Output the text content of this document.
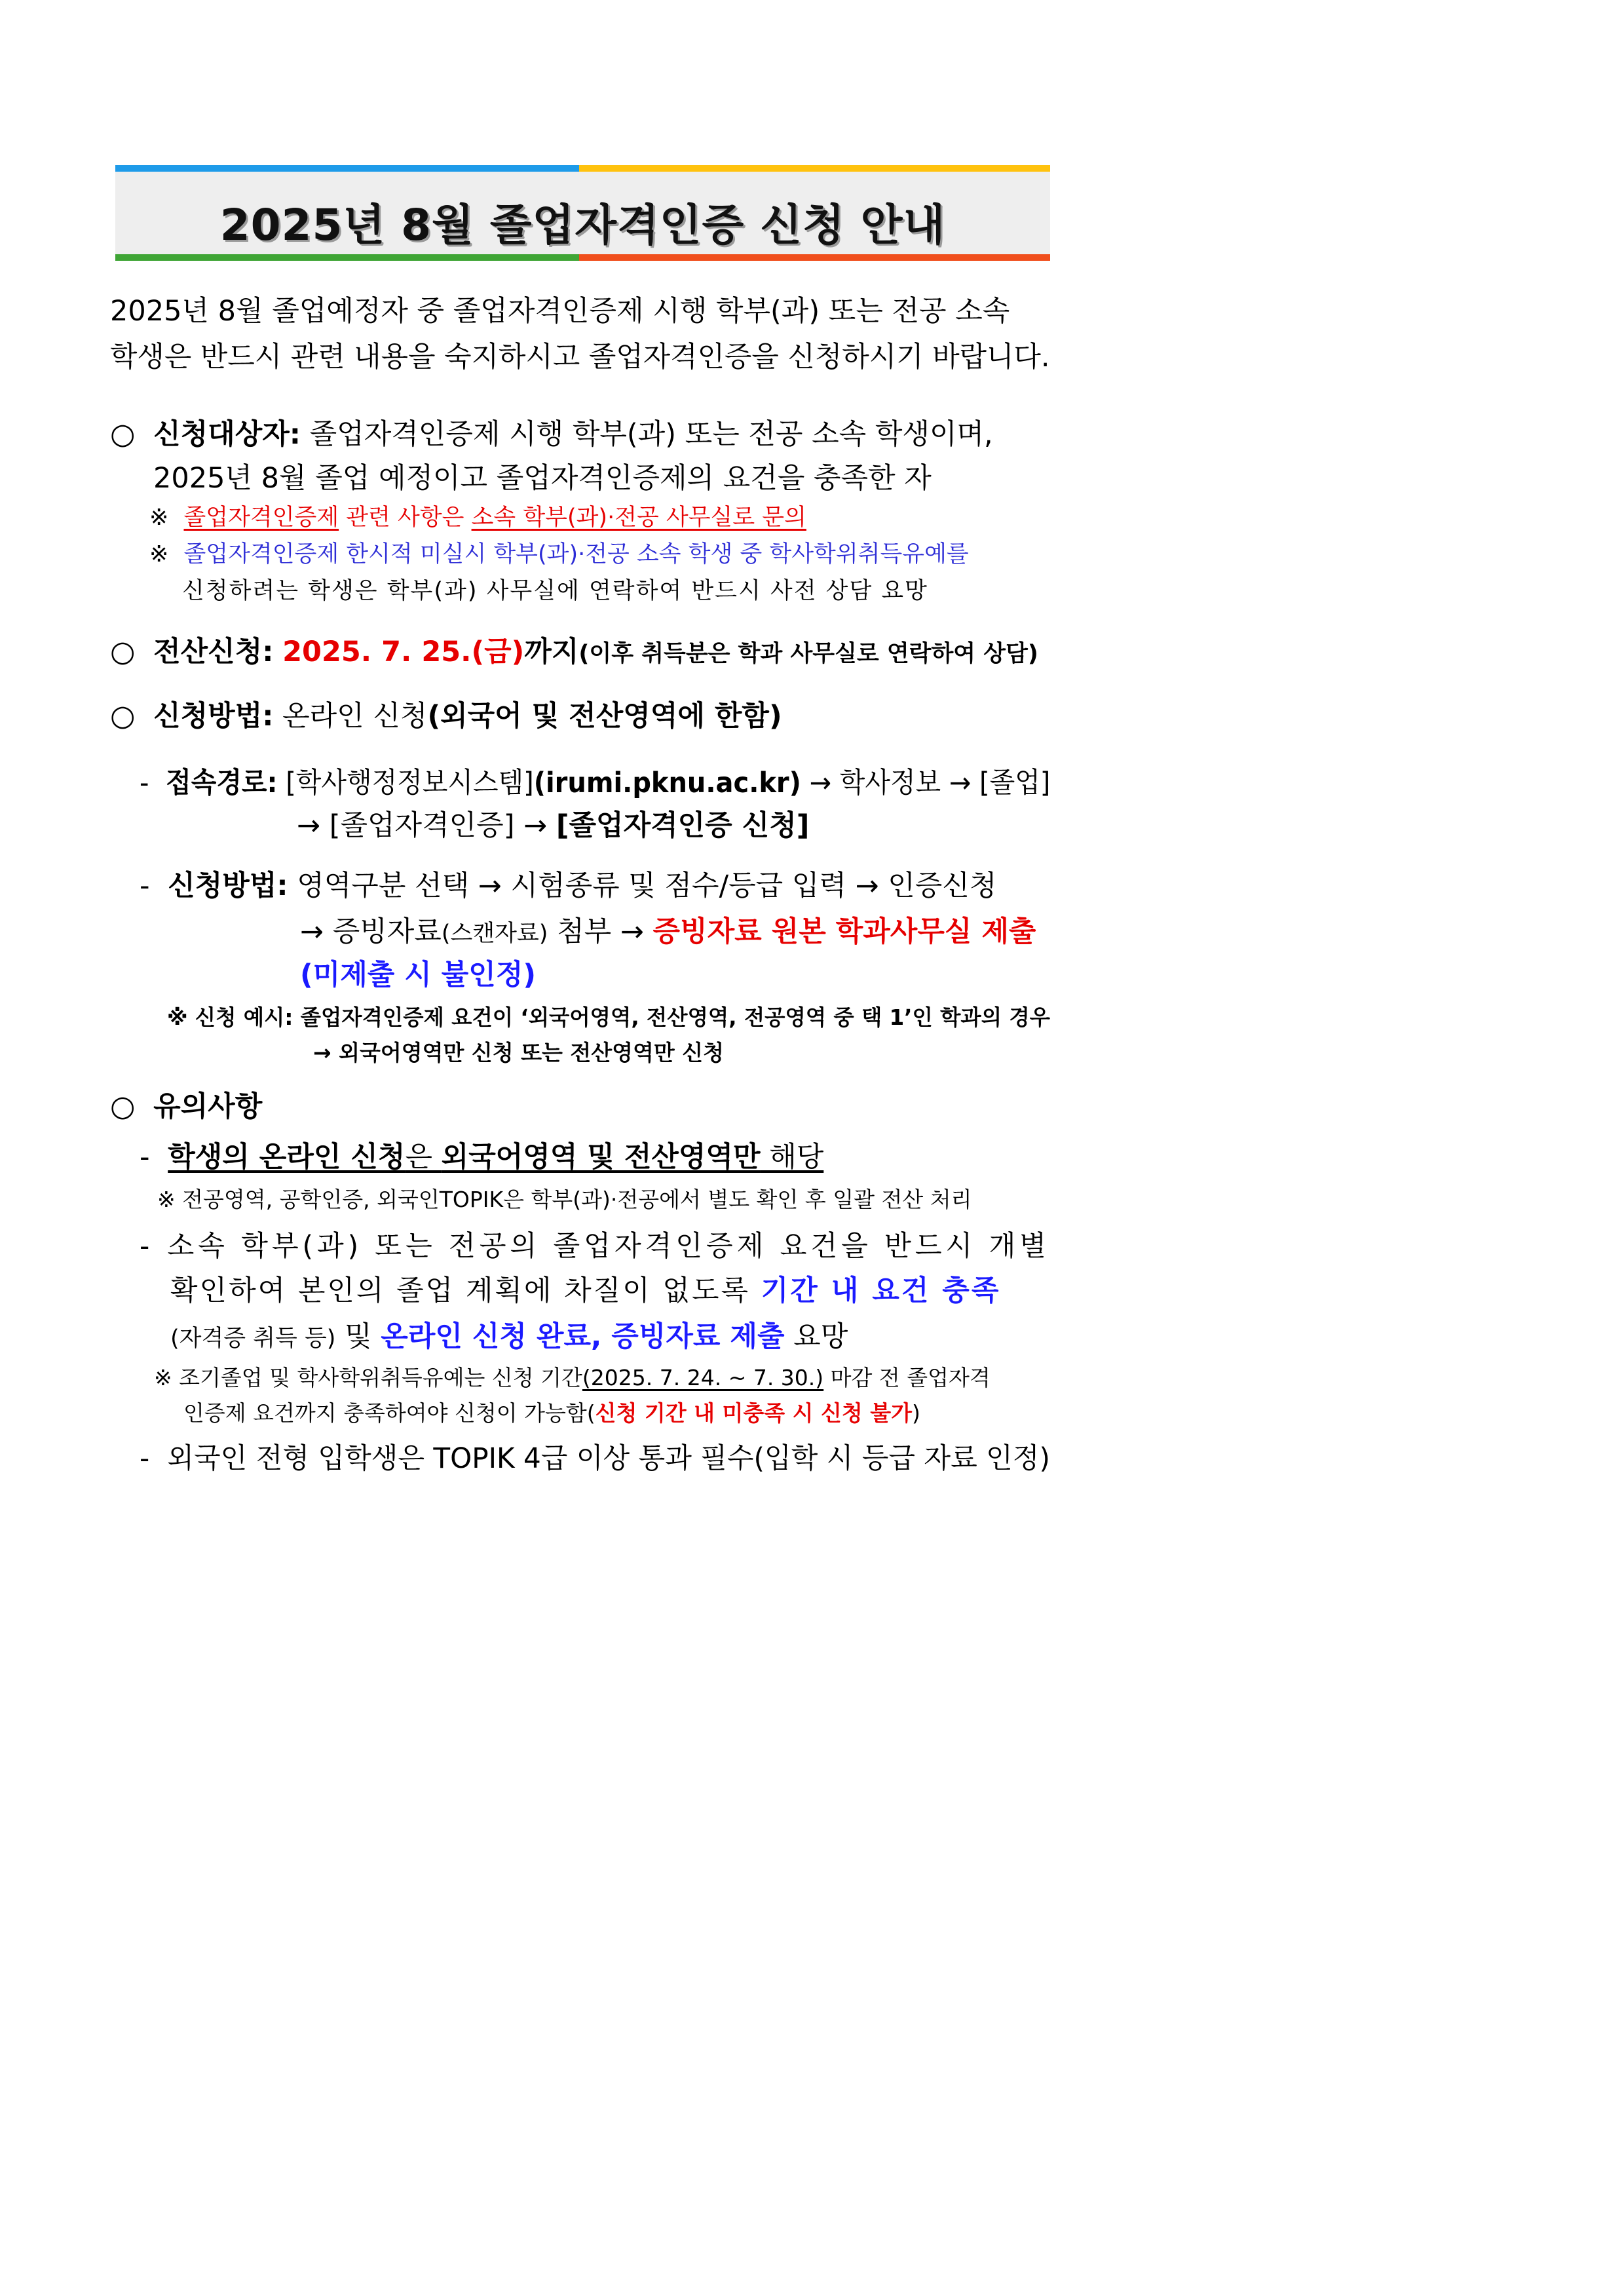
2025년 8월 졸업자격인증 신청 안내
2025년 8월 졸업예정자 중 졸업자격인증제 시행 학부(과) 또는 전공 소속
학생은 반드시 관련 내용을 숙지하시고 졸업자격인증을 신청하시기 바랍니다.
○ 신청대상자: 졸업자격인증제 시행 학부(과) 또는 전공 소속 학생이며,
2025년 8월 졸업 예정이고 졸업자격인증제의 요건을 충족한 자
※ 졸업자격인증제 관련 사항은 소속 학부(과)·전공 사무실로 문의
※ 졸업자격인증제 한시적 미실시 학부(과)·전공 소속 학생 중 학사학위취득유예를
신청하려는 학생은 학부(과) 사무실에 연락하여 반드시 사전 상담 요망
○ 전산신청: 2025. 7. 25.(금)까지(이후 취득분은 학과 사무실로 연락하여 상담)
○ 신청방법: 온라인 신청(외국어 및 전산영역에 한함)
- 접속경로: [학사행정정보시스템](irumi.pknu.ac.kr) → 학사정보 → [졸업]
→ [졸업자격인증] → [졸업자격인증 신청]
- 신청방법: 영역구분 선택 → 시험종류 및 점수/등급 입력 → 인증신청
→ 증빙자료(스캔자료) 첨부 → 증빙자료 원본 학과사무실 제출
(미제출 시 불인정)
※ 신청 예시: 졸업자격인증제 요건이 ‘외국어영역, 전산영역, 전공영역 중 택 1’인 학과의 경우
→ 외국어영역만 신청 또는 전산영역만 신청
○ 유의사항
- 학생의 온라인 신청은 외국어영역 및 전산영역만 해당
※ 전공영역, 공학인증, 외국인TOPIK은 학부(과)·전공에서 별도 확인 후 일괄 전산 처리
- 소속 학부(과) 또는 전공의 졸업자격인증제 요건을 반드시 개별
확인하여 본인의 졸업 계획에 차질이 없도록 기간 내 요건 충족
(자격증 취득 등) 및 온라인 신청 완료, 증빙자료 제출 요망
※ 조기졸업 및 학사학위취득유예는 신청 기간(2025. 7. 24. ~ 7. 30.) 마감 전 졸업자격
인증제 요건까지 충족하여야 신청이 가능함(신청 기간 내 미충족 시 신청 불가)
- 외국인 전형 입학생은 TOPIK 4급 이상 통과 필수(입학 시 등급 자료 인정)
